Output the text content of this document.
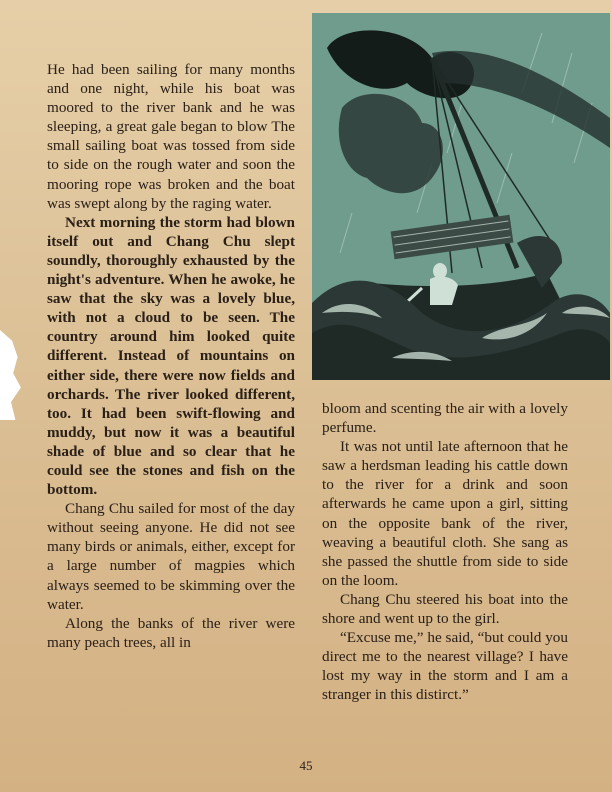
He had been sailing for many months and one night, while his boat was moored to the river bank and he was sleeping, a great gale began to blow The small sailing boat was tossed from side to side on the rough water and soon the mooring rope was broken and the boat was swept along by the raging water.

Next morning the storm had blown itself out and Chang Chu slept soundly, thoroughly exhausted by the night's adventure. When he awoke, he saw that the sky was a lovely blue, with not a cloud to be seen. The country around him looked quite different. Instead of mountains on either side, there were now fields and orchards. The river looked different, too. It had been swift-flowing and muddy, but now it was a beautiful shade of blue and so clear that he could see the stones and fish on the bottom.

Chang Chu sailed for most of the day without seeing anyone. He did not see many birds or animals, either, except for a large number of magpies which always seemed to be skimming over the water.

Along the banks of the river were many peach trees, all in

bloom and scenting the air with a lovely perfume.

It was not until late afternoon that he saw a herdsman leading his cattle down to the river for a drink and soon afterwards he came upon a girl, sitting on the opposite bank of the river, weaving a beautiful cloth. She sang as she passed the shuttle from side to side on the loom.

Chang Chu steered his boat into the shore and went up to the girl.

“Excuse me,” he said, “but could you direct me to the nearest village? I have lost my way in the storm and I am a stranger in this distirct.”

45
